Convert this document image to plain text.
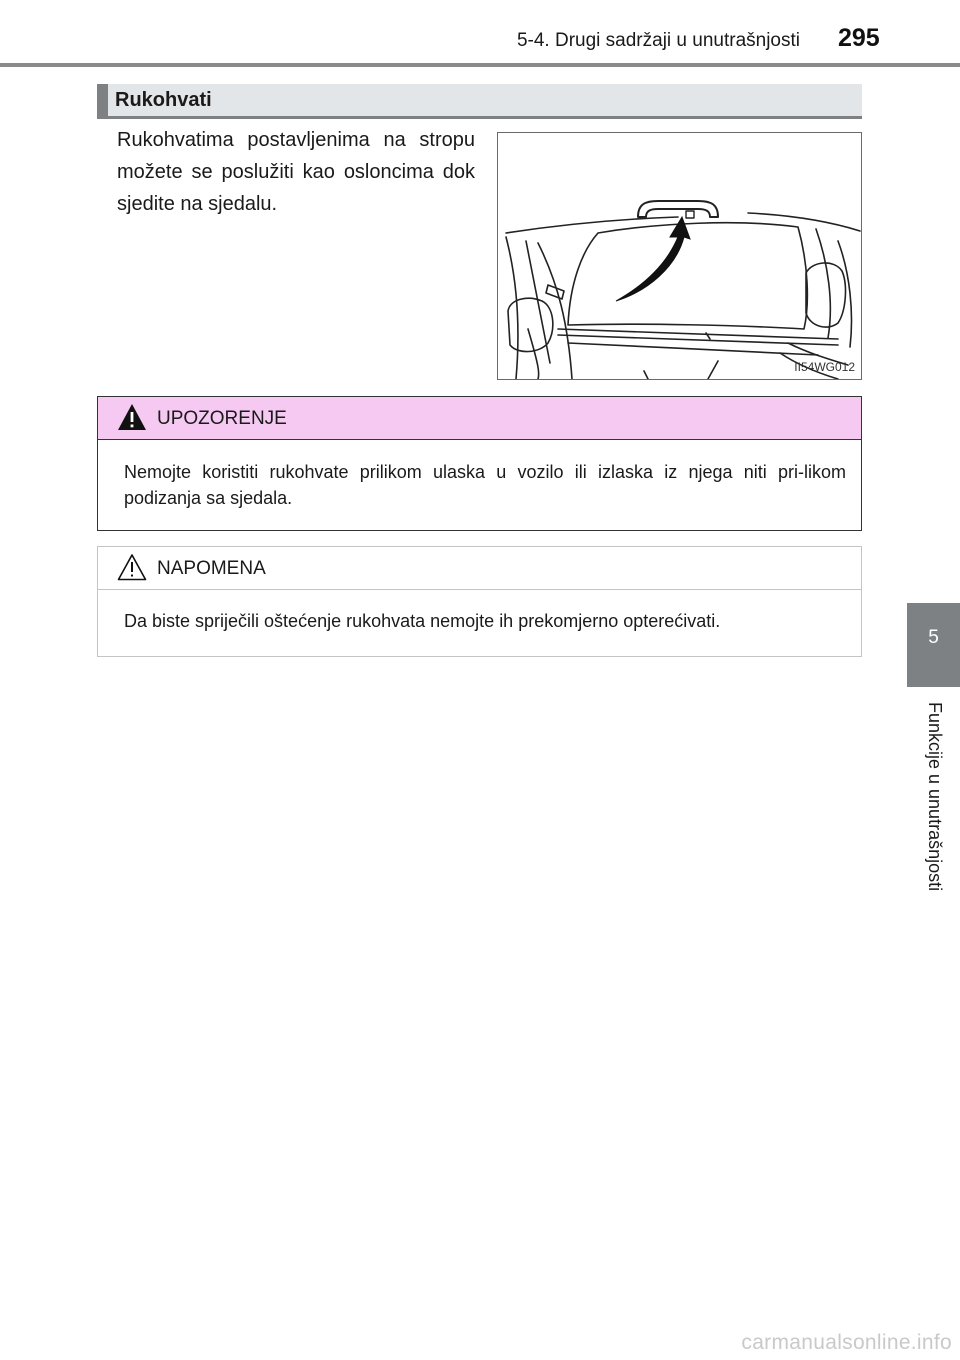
5-4. Drugi sadržaji u unutrašnjosti 295
Rukohvati

Rukohvatima postavljenima na stropu možete se poslužiti kao osloncima dok sjedite na sjedalu.

II54WG012
UPOZORENJE

Nemojte koristiti rukohvate prilikom ulaska u vozilo ili izlaska iz njega niti pri-likom podizanja sa sjedala.

NAPOMENA

Da biste spriječili oštećenje rukohvata nemojte ih prekomjerno opterećivati.

5
Funkcije u unutrašnjosti
carmanualsonline.info
